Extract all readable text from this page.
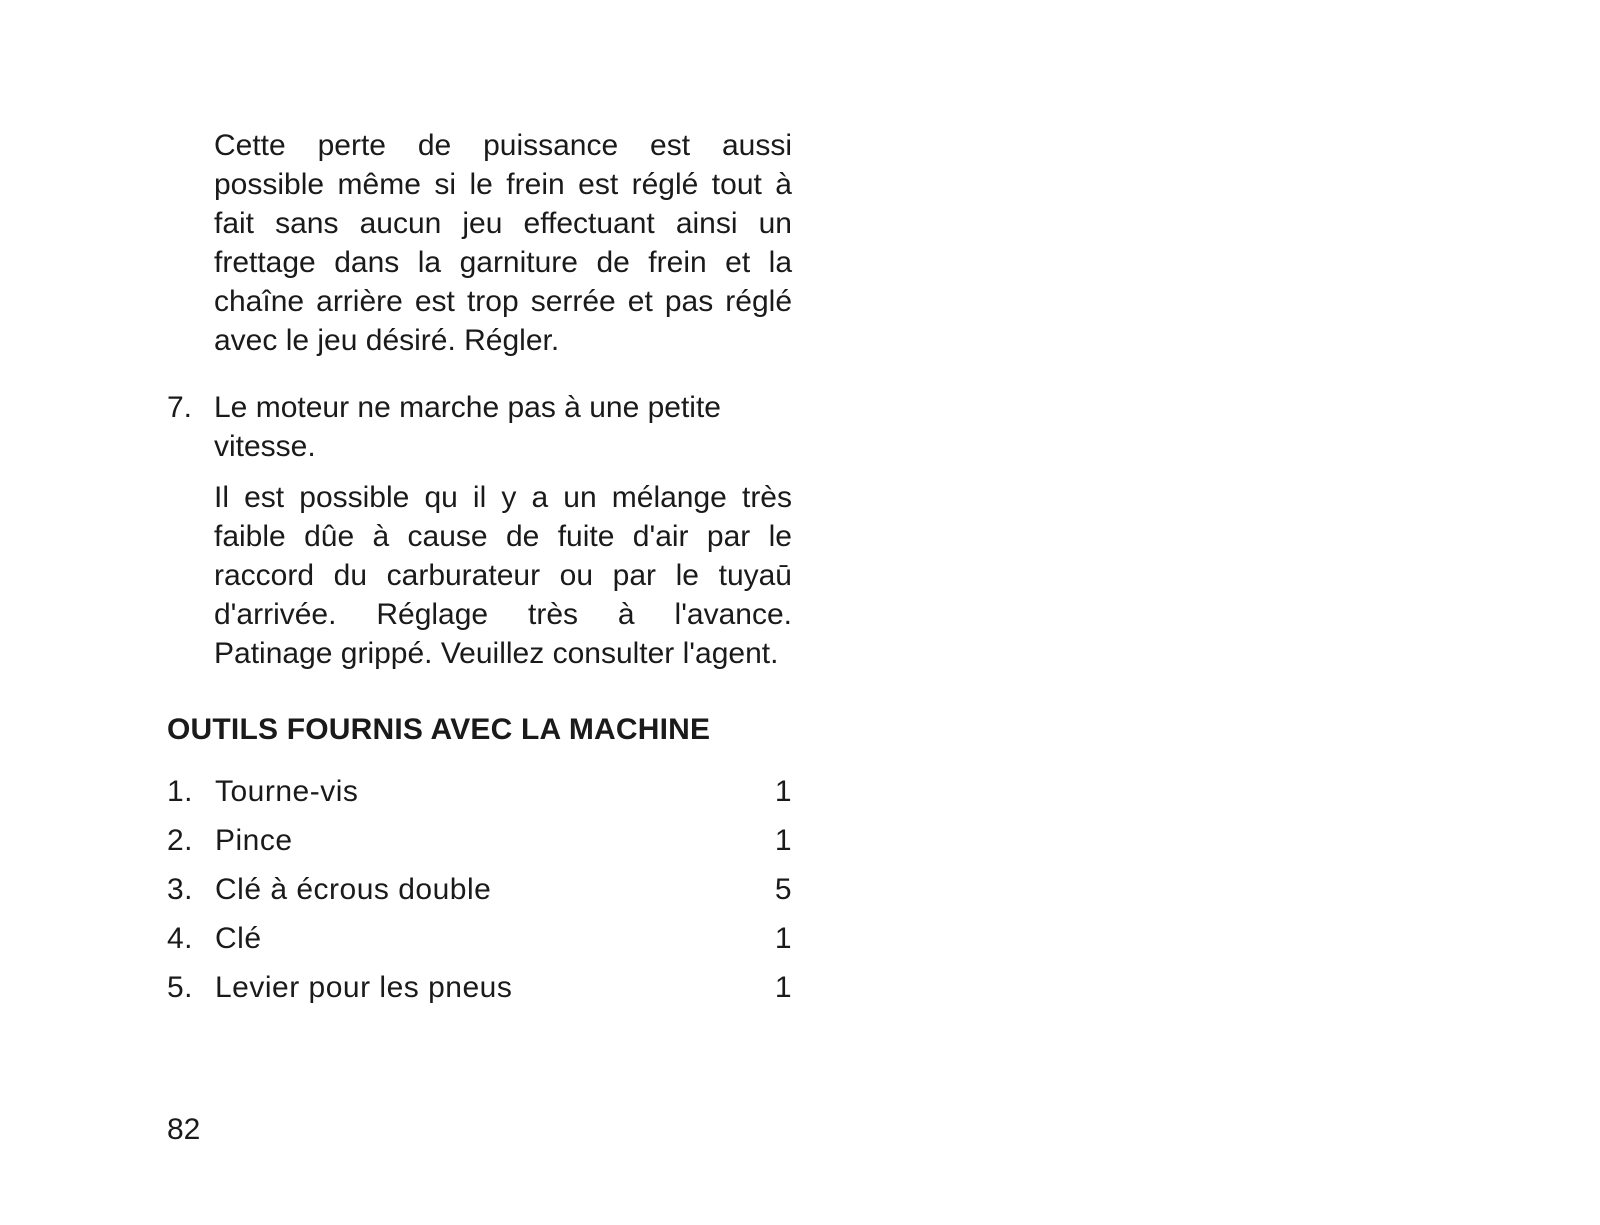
Cette perte de puissance est aussi possible même si le frein est réglé tout à fait sans aucun jeu effectuant ainsi un frettage dans la garniture de frein et la chaîne arrière est trop serrée et pas réglé avec le jeu désiré. Régler.

7. Le moteur ne marche pas à une petite vitesse.

Il est possible qu il y a un mélange très faible dûe à cause de fuite d'air par le raccord du carburateur ou par le tuyaū d'arrivée. Réglage très à l'avance. Patinage grippé. Veuillez consulter l'agent.

OUTILS FOURNIS AVEC LA MACHINE
1. Tourne-vis	1
2. Pince	1
3. Clé à écrous double	5
4. Clé	1
5. Levier pour les pneus	1
82
